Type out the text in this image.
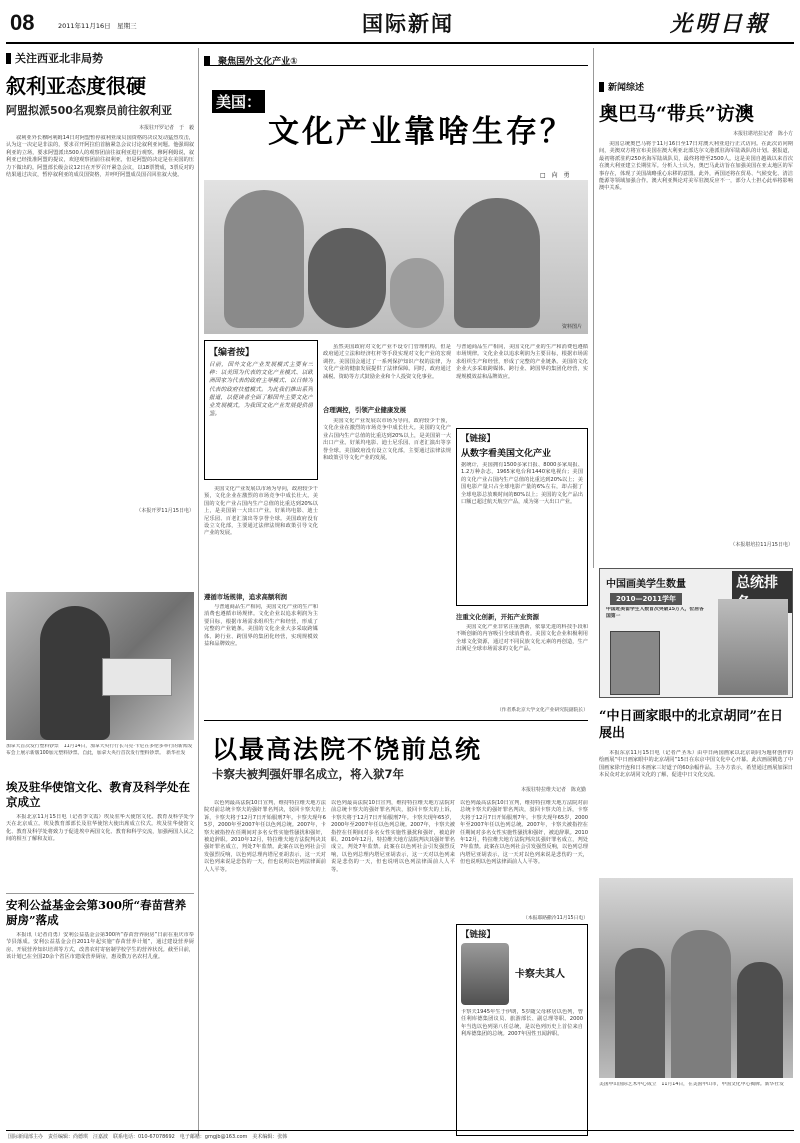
08	2011年11月16日　星期三	国际新闻	光明日報
关注西亚北非局势
叙利亚态度很硬
阿盟拟派500名观察员前往叙利亚
本报驻开罗记者　于　毅
叙利亚外长穆阿利姆14日对阿盟暂停叙利亚成员国资格的决议发动猛烈攻击，认为这一决定是非法的，要求召开阿拉伯首脑紧急会议讨论叙利亚问题。他强调叙利亚的立场，要求阿盟派出500人的观察团前往叙利亚进行观察。穆阿利姆说，叙利亚已经批准阿盟的提议，欢迎观察团前往叙利亚，但是阿盟的决定是在美国的压力下做出的。阿盟部长级会议12日在开罗召开紧急会议，以18票赞成，3票反对的结果通过决议，暂停叙利亚的成员国资格，并呼吁阿盟成员国召回驻叙大使。
（本报开罗11月15日电）
加拿大首次发行塑料钞票　11月14日，加拿大央行行长马克·卡尼在多伦多举行的新闻发布会上展示新版100加元塑料钞票。自此，加拿大央行首次发行塑料钞票。　新华社发
埃及驻华使馆文化、教育及科学处在京成立
本报北京11月15日电（记者李文霞）埃及驻华大使馆文化、教育及科学处今天在北京成立。埃及教育部部长及驻华使馆大使出席成立仪式。埃及驻华使馆文化、教育及科学处将致力于促进埃中两国文化、教育和科学交流，加强两国人民之间的相互了解和友谊。
安利公益基金会第300所“春苗营养厨房”落成
本报讯（记者肖勇）安利公益基金会第300所“春苗营养厨房”日前在重庆市奉节县落成。安利公益基金会自2011年起实施“春苗营养计划”，通过建设营养厨房、开展营养知识培训等方式，改善农村寄宿制学校学生的营养状况。截至目前，该计划已在全国20余个省区市建成营养厨房，惠及数万名农村儿童。
聚焦国外文化产业①
美国：
文化产业靠啥生存？
□　向　勇
资料图片
【编者按】
目前，国外文化产业发展模式主要有三种：以美国为代表的文化产业模式、以欧洲国家为代表的政府主导模式、以日韩为代表的政府扶植模式。为此我们推出系列报道，以便读者全面了解国外主要文化产业发展模式，为我国文化产业发展提供借鉴。
美国文化产业发展以市场为导向，政府较少干预，文化企业在激烈的市场竞争中成长壮大。美国的文化产业占国内生产总值的比重达到20%以上，是美国第一大出口产业。好莱坞电影、迪士尼乐园、百老汇演出等享誉全球。美国政府没有设立文化部，主要通过法律法规和政策引导文化产业的发展。
遵循市场规律，追求高额利润
与普通商品生产相同，美国文化产业的生产和消费也遵循市场规律。文化企业以追求利润为主要目标，根据市场需求组织生产和经营，形成了完整的产业链条。美国的文化企业大多采取跨媒体、跨行业、跨国界的集团化经营，实现规模效益和品牌效应。
合理调控，引领产业健康发展
虽然美国政府对文化产业不设专门管理机构，但是政府通过立法和经济杠杆等手段实现对文化产业的宏观调控。美国国会通过了一系列保护知识产权的法律，为文化产业的健康发展提供了法律保障。同时，政府通过减税、资助等方式鼓励企业和个人投资文化事业。
美国文化产业发展以市场为导向，政府较少干预，文化企业在激烈的市场竞争中成长壮大。美国的文化产业占国内生产总值的比重达到20%以上，是美国第一大出口产业。好莱坞电影、迪士尼乐园、百老汇演出等享誉全球。美国政府没有设立文化部，主要通过法律法规和政策引导文化产业的发展。
与普通商品生产相同，美国文化产业的生产和消费也遵循市场规律。文化企业以追求利润为主要目标，根据市场需求组织生产和经营，形成了完整的产业链条。美国的文化企业大多采取跨媒体、跨行业、跨国界的集团化经营，实现规模效益和品牌效应。
【链接】
从数字看美国文化产业
据统计，美国拥有1500多家日报、8000多家周报、1.2万种杂志，1965家电台和1440家电视台；美国的文化产业占国内生产总值的比重达到20%以上；美国电影产量只占全球电影产量的6%左右，却占据了全球电影总放映时间的80%以上；美国的文化产品出口额已超过航天航空产品，成为第一大出口产业。
注重文化创新，开拓产业资源
美国文化产业非常注重创新，依靠先进的科技手段和不断创新的内容吸引全球消费者。美国文化企业积极利用全球文化资源，通过对不同民族文化元素的再创造，生产出满足全球市场需求的文化产品。
（作者系北京大学文化产业研究院副院长）
以最高法院不饶前总统
卡察夫被判强奸罪名成立，将入狱7年
本报驻特拉维夫记者　陈克勤
以色列最高法院10日宣判，维持特拉维夫地方法院对前总统卡察夫的强奸罪名判决，驳回卡察夫的上诉，卡察夫将于12月7日开始服刑7年。卡察夫现年65岁，2000年至2007年任以色列总统。2007年，卡察夫被指控在任期间对多名女性实施性骚扰和强奸，被迫辞职。2010年12月，特拉维夫地方法院判决其强奸罪名成立，判处7年监禁。此案在以色列社会引发强烈反响，以色列总理内塔尼亚胡表示，这一天对以色列来说是悲伤的一天，但也说明以色列法律面前人人平等。
以色列最高法院10日宣判，维持特拉维夫地方法院对前总统卡察夫的强奸罪名判决，驳回卡察夫的上诉，卡察夫将于12月7日开始服刑7年。卡察夫现年65岁，2000年至2007年任以色列总统。2007年，卡察夫被指控在任期间对多名女性实施性骚扰和强奸，被迫辞职。2010年12月，特拉维夫地方法院判决其强奸罪名成立，判处7年监禁。此案在以色列社会引发强烈反响，以色列总理内塔尼亚胡表示，这一天对以色列来说是悲伤的一天，但也说明以色列法律面前人人平等。
以色列最高法院10日宣判，维持特拉维夫地方法院对前总统卡察夫的强奸罪名判决，驳回卡察夫的上诉，卡察夫将于12月7日开始服刑7年。卡察夫现年65岁，2000年至2007年任以色列总统。2007年，卡察夫被指控在任期间对多名女性实施性骚扰和强奸，被迫辞职。2010年12月，特拉维夫地方法院判决其强奸罪名成立，判处7年监禁。此案在以色列社会引发强烈反响，以色列总理内塔尼亚胡表示，这一天对以色列来说是悲伤的一天，但也说明以色列法律面前人人平等。
（本报耶路撒冷11月15日电）
【链接】
卡察夫其人
卡察夫1945年生于伊朗，5岁随父母移居以色列，曾任利库德集团议员、旅游部长、副总理等职。2000年当选以色列第八任总统，是以色列历史上首位来自利库德集团的总统。2007年因性丑闻辞职。
新闻综述
奥巴马“带兵”访澳
本报驻堪培拉记者　陈小方
美国总统奥巴马将于11月16日至17日对澳大利亚进行正式访问。在此次访问期间，美澳双方将宣布美国在澳大利亚北部达尔文港派驻海军陆战队的计划。据报道，最初将派驻约250名海军陆战队员，最终将增至2500人。这是美国自越战以来首次在澳大利亚建立长期驻军。分析人士认为，奥巴马此访旨在加强美国在亚太地区的军事存在，体现了美国战略重心东移的意图。此外，两国还将在贸易、气候变化、清洁能源等领域加强合作。澳大利亚舆论对美军驻澳反应不一，部分人士担心此举将影响澳中关系。
（本报堪培拉11月15日电）
中国画美学生数量	总统排
2010—2011学年
中国赴美留学生人数首次突破15万人，位居各国第一
“中日画家眼中的北京胡同”在日展出
本报东京11月15日电（记者严圣禾）由中日两国画家以北京胡同为题材创作的绘画展“中日画家眼中的北京胡同”15日在东京中国文化中心开幕。此次画展精选了中国画家徐开连和日本画家三好道子的60余幅作品。主办方表示，希望通过画展加深日本民众对北京胡同文化的了解，促进中日文化交流。
美国中山国际艺术中心成立　11月14日，在美国中山市，中国文化中心揭牌。新华社发
国际新闻部主办　责任编辑：尚德琪　汪嘉波　联系电话：010-67078692　电子邮箱：gmgjb@163.com　美术编辑：张韩
